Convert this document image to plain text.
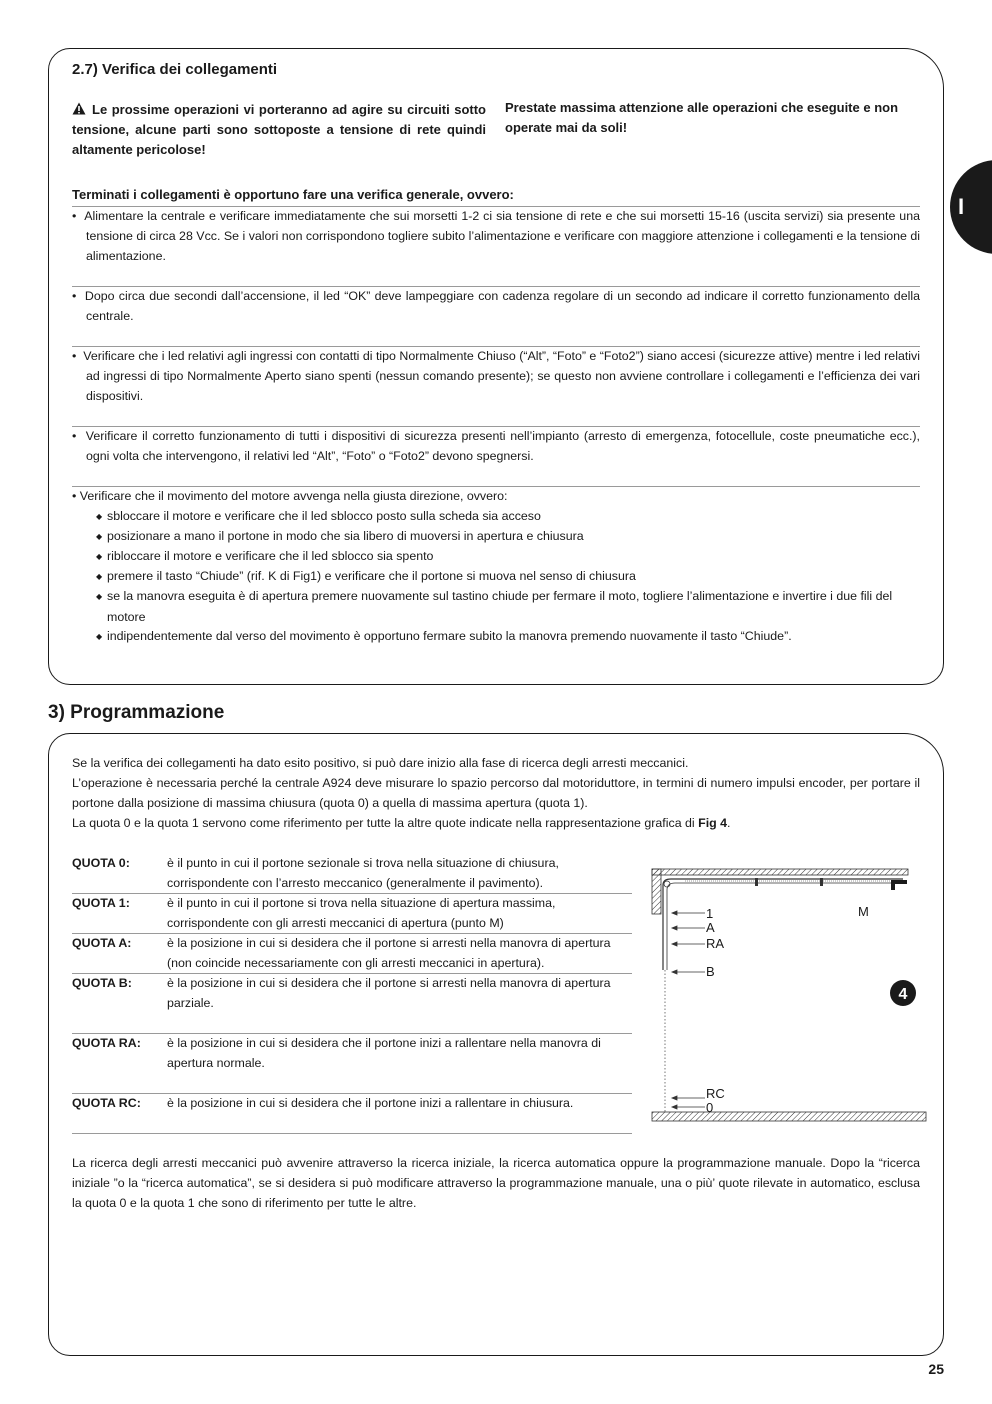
I
2.7) Verifica dei collegamenti
Le prossime operazioni vi porteranno ad agire su circuiti sotto tensione, alcune parti sono sottoposte a tensione di rete quindi altamente pericolose!
Prestate massima attenzione alle operazioni che eseguite e non operate mai da soli!
Terminati i collegamenti è opportuno fare una verifica generale, ovvero:
•  Alimentare la centrale e verificare immediatamente che sui morsetti 1-2 ci sia tensione di rete e che sui morsetti 15-16 (uscita servizi) sia presente una tensione di circa 28 Vcc. Se i valori non corrispondono togliere subito l’alimentazione e verificare con maggiore attenzione i collegamenti e la tensione di alimentazione.
•  Dopo circa due secondi dall’accensione, il led “OK” deve lampeggiare con cadenza regolare di un secondo ad indicare il corretto funzionamento della centrale.
•  Verificare che i led relativi agli ingressi con contatti di tipo Normalmente Chiuso (“Alt”, “Foto” e “Foto2”) siano accesi (sicurezze attive) mentre i led relativi ad ingressi di tipo Normalmente Aperto siano spenti (nessun comando presente); se questo non avviene controllare i collegamenti e l’efficienza dei vari dispositivi.
•  Verificare il corretto funzionamento di tutti i dispositivi di sicurezza presenti nell’impianto (arresto di emergenza, fotocellule, coste pneumatiche ecc.), ogni volta che intervengono, il relativi led “Alt”, “Foto” o “Foto2” devono spegnersi.
• Verificare che il movimento del motore avvenga nella giusta direzione, ovvero:
◆ sbloccare il motore e verificare che il led sblocco posto sulla scheda sia acceso
◆ posizionare a mano il portone in modo che sia libero di muoversi in apertura e chiusura
◆ ribloccare il motore e verificare che il led sblocco sia spento
◆ premere il tasto “Chiude” (rif. K di Fig1) e verificare che il portone si muova nel senso di chiusura
◆ se la manovra eseguita è di apertura premere nuovamente sul tastino chiude per fermare il moto, togliere l’alimentazione e invertire i due fili del motore
◆ indipendentemente dal verso del movimento è opportuno fermare subito la manovra premendo nuovamente il tasto “Chiude”.
3) Programmazione
Se la verifica dei collegamenti ha dato esito positivo, si può dare inizio alla fase di ricerca degli arresti meccanici.
L’operazione è necessaria perché la centrale A924 deve misurare lo spazio percorso dal motoriduttore, in termini di numero impulsi encoder, per portare il portone dalla posizione di massima chiusura (quota 0) a quella di massima apertura (quota 1).
La quota 0 e la quota 1 servono come riferimento per tutte la altre quote indicate nella rappresentazione grafica di Fig 4.
QUOTA 0:	è il punto in cui il portone sezionale si trova nella situazione di chiusura, corrispondente con l’arresto meccanico (generalmente il pavimento).
QUOTA 1:	è il punto in cui il portone si trova nella situazione di apertura massima, corrispondente con gli arresti meccanici di apertura (punto M)
QUOTA A:	è la posizione in cui si desidera che il portone si arresti nella manovra di apertura (non coincide necessariamente con gli arresti meccanici in apertura).
QUOTA B:	è la posizione in cui si desidera che il portone si arresti nella manovra di apertura parziale.
QUOTA RA: è la posizione in cui si desidera che il portone inizi a rallentare nella manovra di apertura normale.
QUOTA RC: è la posizione in cui si desidera che il portone inizi a rallentare in chiusura.
1
A
RA
B
RC
0
M
4
La ricerca degli arresti meccanici può avvenire attraverso la ricerca iniziale, la ricerca automatica oppure la programmazione manuale. Dopo la “ricerca iniziale ”o la “ricerca automatica”, se si desidera si può modificare attraverso la programmazione manuale, una o più’ quote rilevate in automatico, esclusa la quota 0 e la quota 1 che sono di riferimento per tutte le altre.
25
